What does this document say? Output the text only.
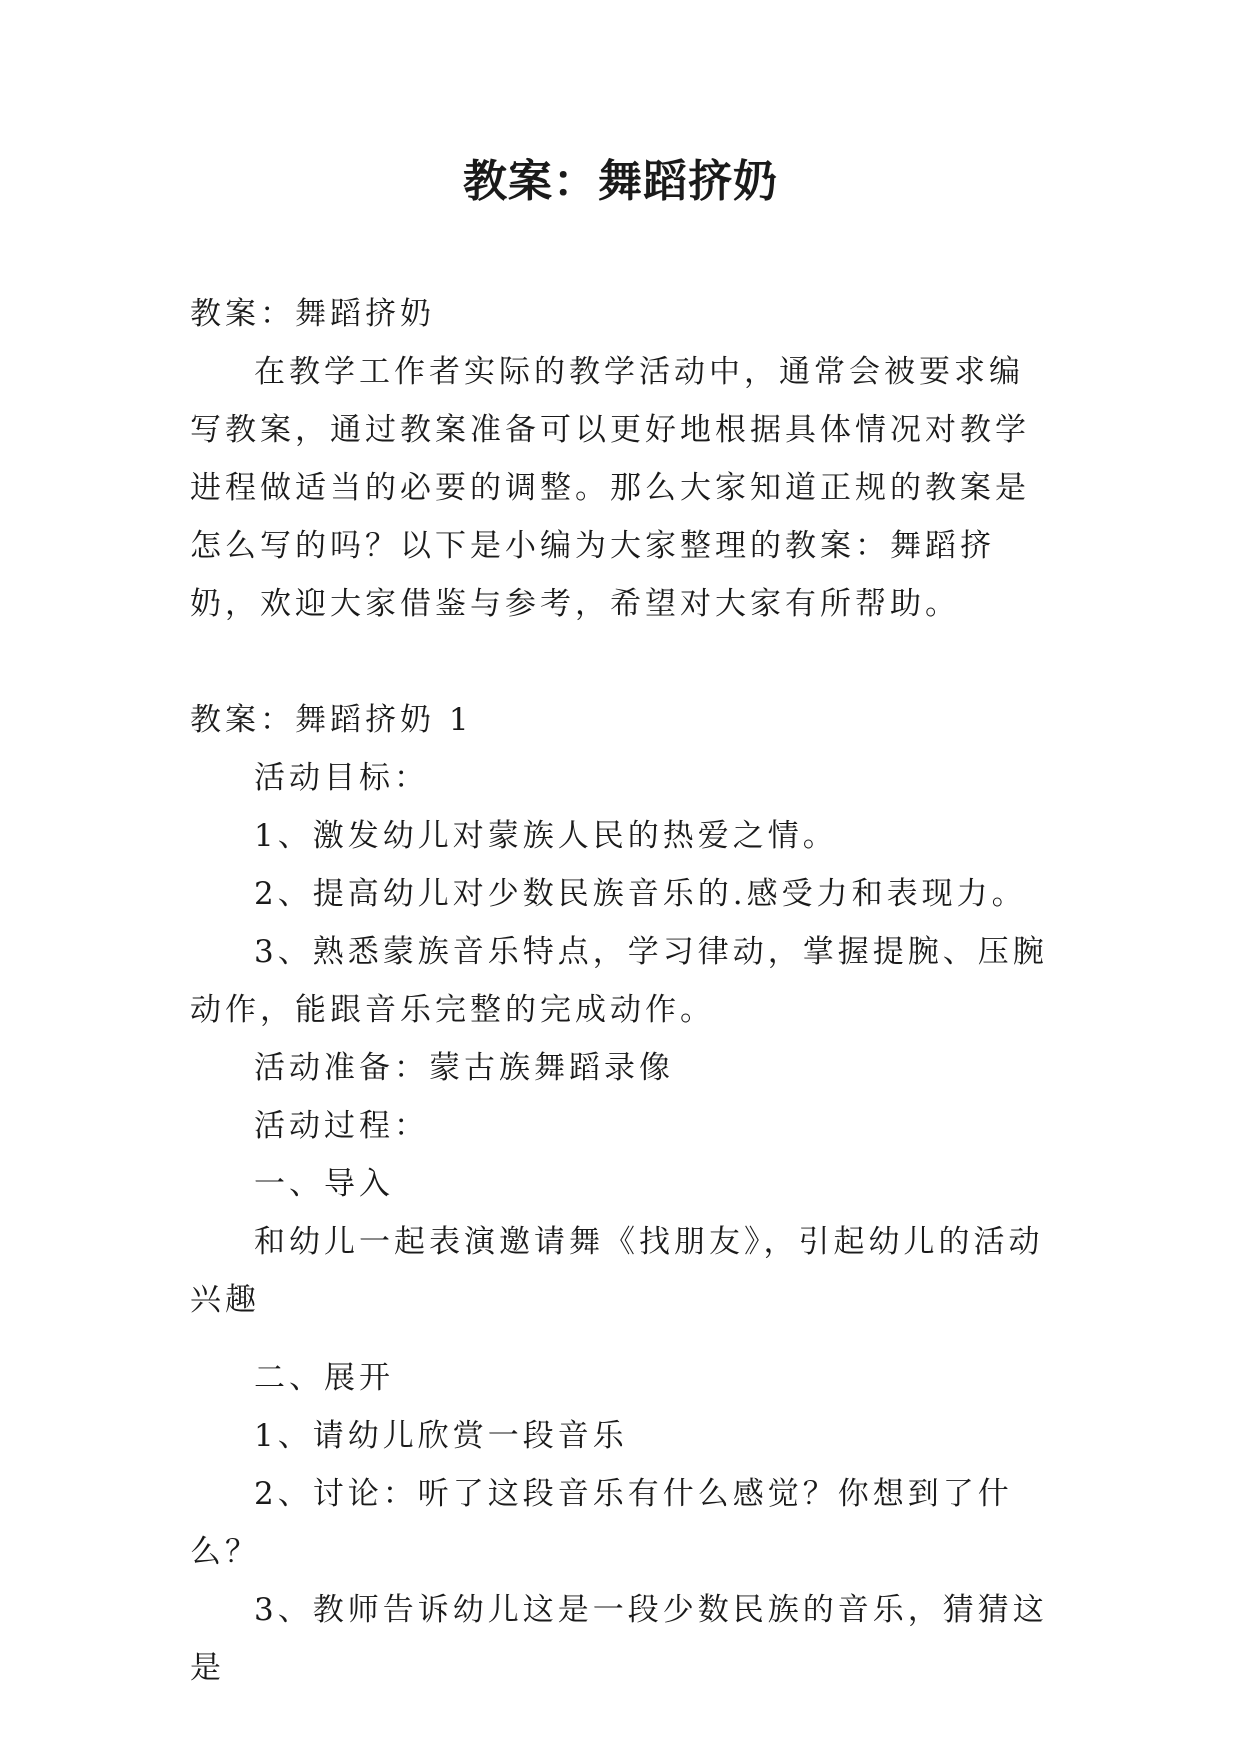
教案：舞蹈挤奶

教案：舞蹈挤奶

在教学工作者实际的教学活动中，通常会被要求编写教案，通过教案准备可以更好地根据具体情况对教学进程做适当的必要的调整。那么大家知道正规的教案是怎么写的吗？以下是小编为大家整理的教案：舞蹈挤奶，欢迎大家借鉴与参考，希望对大家有所帮助。

教案：舞蹈挤奶 1

活动目标：

1、激发幼儿对蒙族人民的热爱之情。

2、提高幼儿对少数民族音乐的.感受力和表现力。

3、熟悉蒙族音乐特点，学习律动，掌握提腕、压腕动作，能跟音乐完整的完成动作。

活动准备：蒙古族舞蹈录像

活动过程：

一、导入

和幼儿一起表演邀请舞《找朋友》，引起幼儿的活动兴趣

二、展开

1、请幼儿欣赏一段音乐

2、讨论：听了这段音乐有什么感觉？你想到了什么？

3、教师告诉幼儿这是一段少数民族的音乐，猜猜这是
